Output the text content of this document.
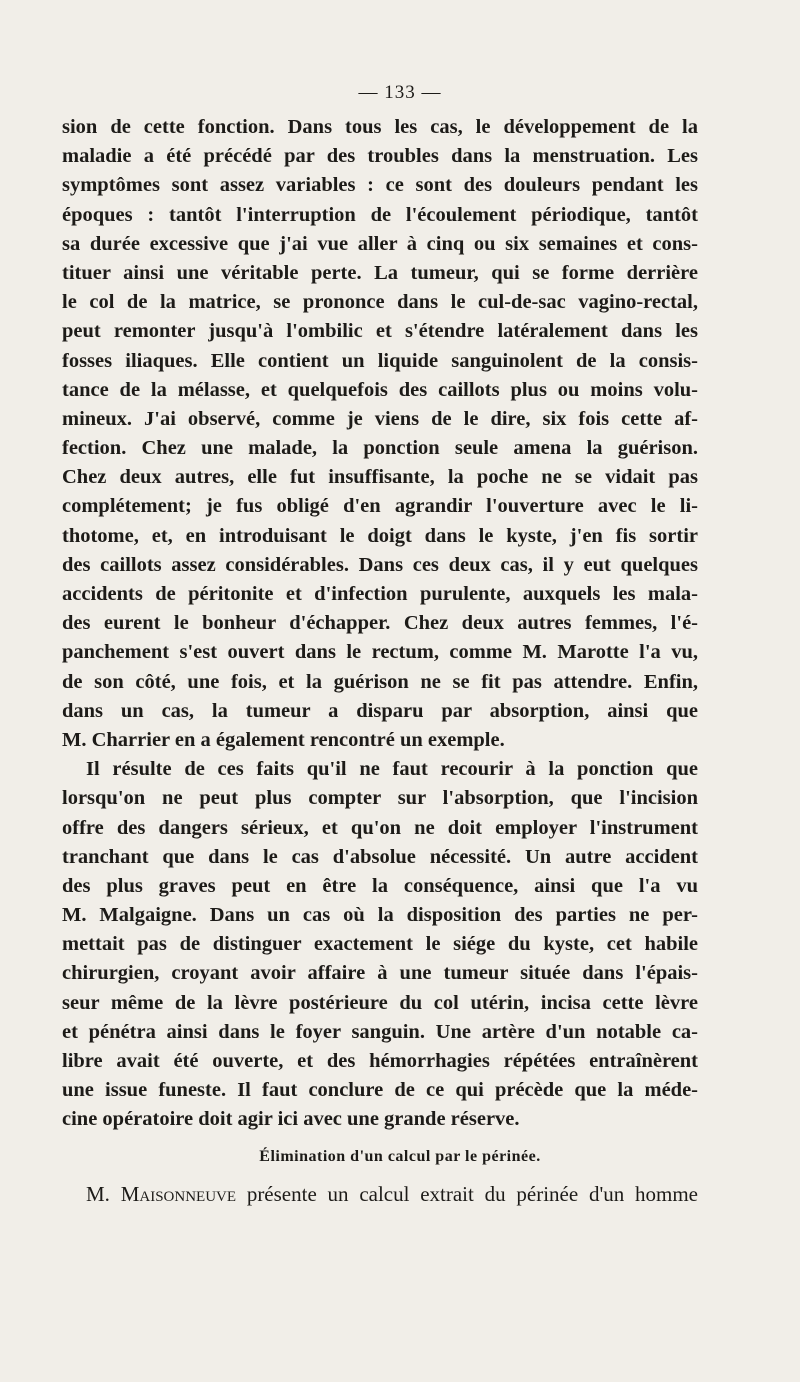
— 133 —
sion de cette fonction. Dans tous les cas, le développement de la
maladie a été précédé par des troubles dans la menstruation. Les
symptômes sont assez variables : ce sont des douleurs pendant les
époques : tantôt l'interruption de l'écoulement périodique, tantôt
sa durée excessive que j'ai vue aller à cinq ou six semaines et cons-
tituer ainsi une véritable perte. La tumeur, qui se forme derrière
le col de la matrice, se prononce dans le cul-de-sac vagino-rectal,
peut remonter jusqu'à l'ombilic et s'étendre latéralement dans les
fosses iliaques. Elle contient un liquide sanguinolent de la consis-
tance de la mélasse, et quelquefois des caillots plus ou moins volu-
mineux. J'ai observé, comme je viens de le dire, six fois cette af-
fection. Chez une malade, la ponction seule amena la guérison.
Chez deux autres, elle fut insuffisante, la poche ne se vidait pas
complétement; je fus obligé d'en agrandir l'ouverture avec le li-
thotome, et, en introduisant le doigt dans le kyste, j'en fis sortir
des caillots assez considérables. Dans ces deux cas, il y eut quelques
accidents de péritonite et d'infection purulente, auxquels les mala-
des eurent le bonheur d'échapper. Chez deux autres femmes, l'é-
panchement s'est ouvert dans le rectum, comme M. Marotte l'a vu,
de son côté, une fois, et la guérison ne se fit pas attendre. Enfin,
dans un cas, la tumeur a disparu par absorption, ainsi que
M. Charrier en a également rencontré un exemple.
Il résulte de ces faits qu'il ne faut recourir à la ponction que
lorsqu'on ne peut plus compter sur l'absorption, que l'incision
offre des dangers sérieux, et qu'on ne doit employer l'instrument
tranchant que dans le cas d'absolue nécessité. Un autre accident
des plus graves peut en être la conséquence, ainsi que l'a vu
M. Malgaigne. Dans un cas où la disposition des parties ne per-
mettait pas de distinguer exactement le siége du kyste, cet habile
chirurgien, croyant avoir affaire à une tumeur située dans l'épais-
seur même de la lèvre postérieure du col utérin, incisa cette lèvre
et pénétra ainsi dans le foyer sanguin. Une artère d'un notable ca-
libre avait été ouverte, et des hémorrhagies répétées entraînèrent
une issue funeste. Il faut conclure de ce qui précède que la méde-
cine opératoire doit agir ici avec une grande réserve.
Élimination d'un calcul par le périnée.
M. Maisonneuve présente un calcul extrait du périnée d'un homme
